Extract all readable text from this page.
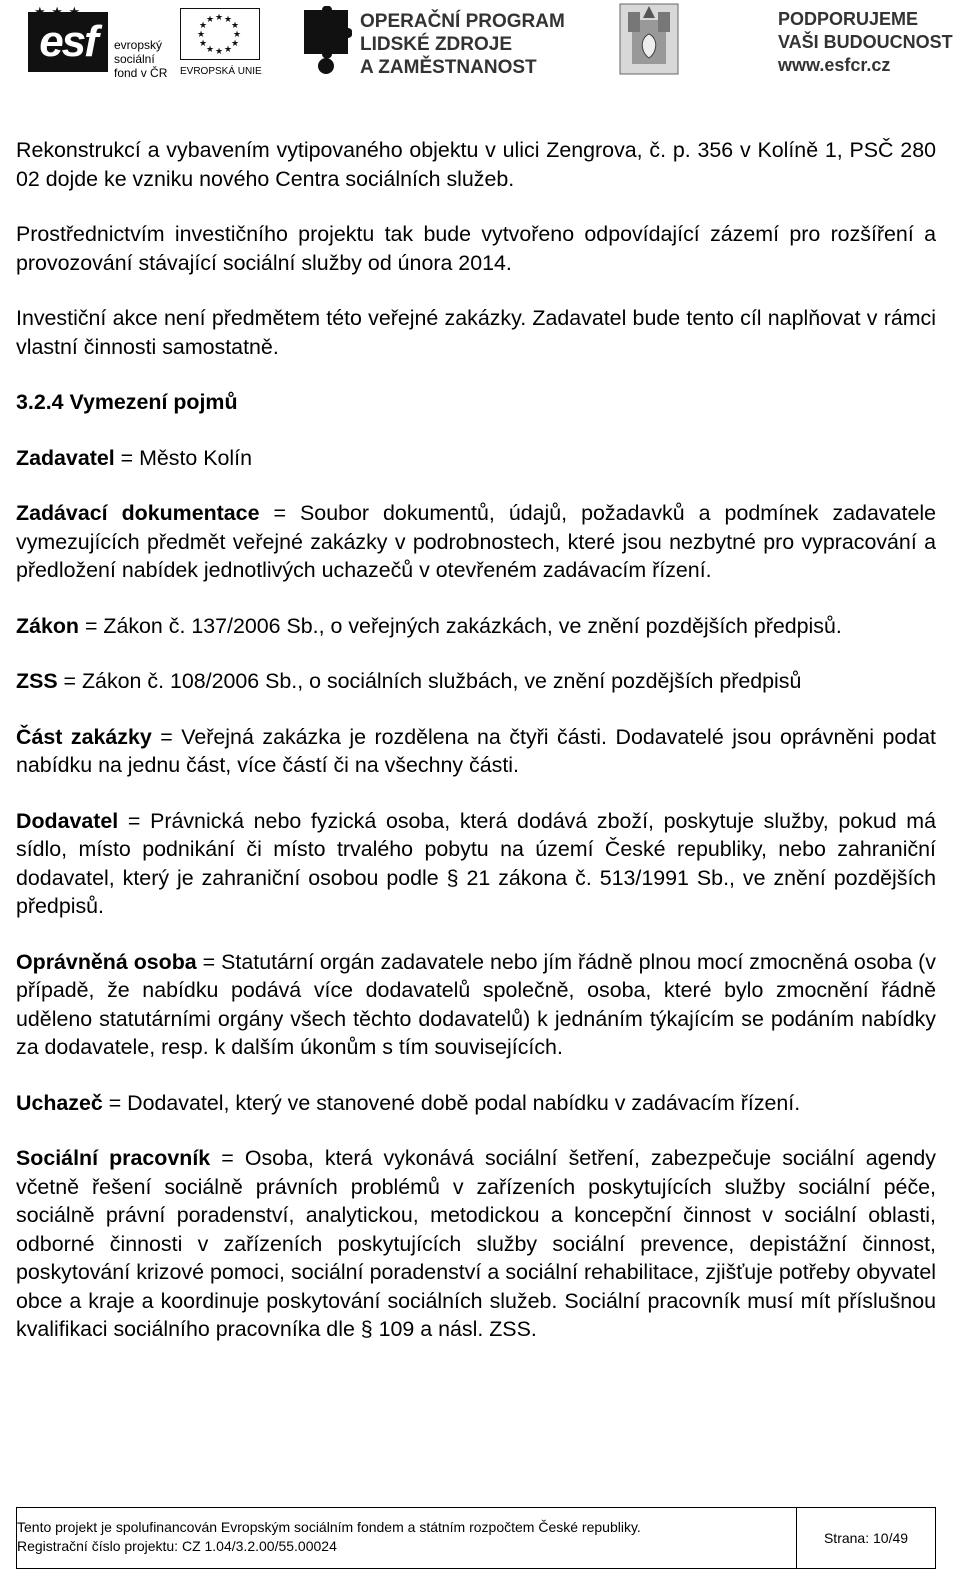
esf	evropský
sociální
fond v ČR
★ ★
★
★
★
★
★
★
★
★
★
★
EVROPSKÁ UNIE
OPERAČNÍ PROGRAM
LIDSKÉ ZDROJE
A ZAMĚSTNANOST
PODPORUJEME
VAŠI BUDOUCNOST
www.esfcr.cz

Rekonstrukcí a vybavením vytipovaného objektu v ulici Zengrova, č. p. 356 v Kolíně 1, PSČ 280 02 dojde ke vzniku nového Centra sociálních služeb.

Prostřednictvím investičního projektu tak bude vytvořeno odpovídající zázemí pro rozšíření a provozování stávající sociální služby od února 2014.

Investiční akce není předmětem této veřejné zakázky. Zadavatel bude tento cíl naplňovat v rámci vlastní činnosti samostatně.

3.2.4 Vymezení pojmů

Zadavatel = Město Kolín

Zadávací dokumentace = Soubor dokumentů, údajů, požadavků a podmínek zadavatele vymezujících předmět veřejné zakázky v podrobnostech, které jsou nezbytné pro vypracování a předložení nabídek jednotlivých uchazečů v otevřeném zadávacím řízení.

Zákon = Zákon č. 137/2006 Sb., o veřejných zakázkách, ve znění pozdějších předpisů.

ZSS = Zákon č. 108/2006 Sb., o sociálních službách, ve znění pozdějších předpisů

Část zakázky = Veřejná zakázka je rozdělena na čtyři části. Dodavatelé jsou oprávněni podat nabídku na jednu část, více částí či na všechny části.

Dodavatel = Právnická nebo fyzická osoba, která dodává zboží, poskytuje služby, pokud má sídlo, místo podnikání či místo trvalého pobytu na území České republiky, nebo zahraniční dodavatel, který je zahraniční osobou podle § 21 zákona č. 513/1991 Sb., ve znění pozdějších předpisů.

Oprávněná osoba = Statutární orgán zadavatele nebo jím řádně plnou mocí zmocněná osoba (v případě, že nabídku podává více dodavatelů společně, osoba, které bylo zmocnění řádně uděleno statutárními orgány všech těchto dodavatelů) k jednáním týkajícím se podáním nabídky za dodavatele, resp. k dalším úkonům s tím souvisejících.

Uchazeč = Dodavatel, který ve stanovené době podal nabídku v zadávacím řízení.

Sociální pracovník = Osoba, která vykonává sociální šetření, zabezpečuje sociální agendy včetně řešení sociálně právních problémů v zařízeních poskytujících služby sociální péče, sociálně právní poradenství, analytickou, metodickou a koncepční činnost v sociální oblasti, odborné činnosti v zařízeních poskytujících služby sociální prevence, depistážní činnost, poskytování krizové pomoci, sociální poradenství a sociální rehabilitace, zjišťuje potřeby obyvatel obce a kraje a koordinuje poskytování sociálních služeb. Sociální pracovník musí mít příslušnou kvalifikaci sociálního pracovníka dle § 109 a násl. ZSS.

Tento projekt je spolufinancován Evropským sociálním fondem a státním rozpočtem České republiky.
Registrační číslo projektu: CZ 1.04/3.2.00/55.00024	Strana: 10/49
